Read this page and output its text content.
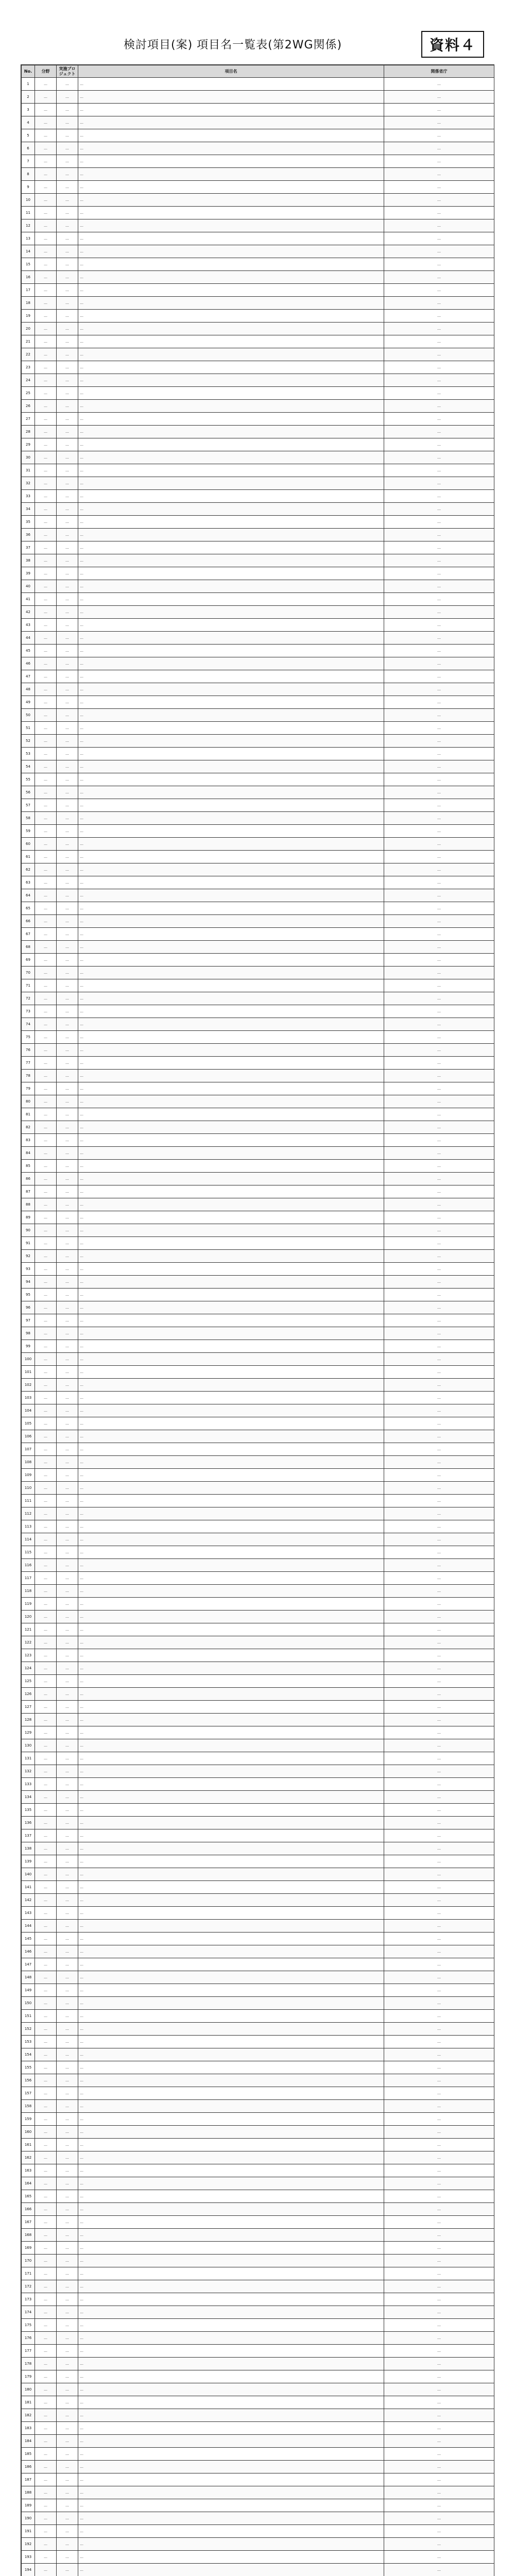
検討項目(案) 項目名一覧表(第2WG関係)	資料４
No.	分野	実施プロジェクト	項目名	関係省庁
1	…	…	…	…
2	…	…	…	…
3	…	…	…	…
4	…	…	…	…
5	…	…	…	…
6	…	…	…	…
7	…	…	…	…
8	…	…	…	…
9	…	…	…	…
10	…	…	…	…
11	…	…	…	…
12	…	…	…	…
13	…	…	…	…
14	…	…	…	…
15	…	…	…	…
16	…	…	…	…
17	…	…	…	…
18	…	…	…	…
19	…	…	…	…
20	…	…	…	…
21	…	…	…	…
22	…	…	…	…
23	…	…	…	…
24	…	…	…	…
25	…	…	…	…
26	…	…	…	…
27	…	…	…	…
28	…	…	…	…
29	…	…	…	…
30	…	…	…	…
31	…	…	…	…
32	…	…	…	…
33	…	…	…	…
34	…	…	…	…
35	…	…	…	…
36	…	…	…	…
37	…	…	…	…
38	…	…	…	…
39	…	…	…	…
40	…	…	…	…
41	…	…	…	…
42	…	…	…	…
43	…	…	…	…
44	…	…	…	…
45	…	…	…	…
46	…	…	…	…
47	…	…	…	…
48	…	…	…	…
49	…	…	…	…
50	…	…	…	…
51	…	…	…	…
52	…	…	…	…
53	…	…	…	…
54	…	…	…	…
55	…	…	…	…
56	…	…	…	…
57	…	…	…	…
58	…	…	…	…
59	…	…	…	…
60	…	…	…	…
61	…	…	…	…
62	…	…	…	…
63	…	…	…	…
64	…	…	…	…
65	…	…	…	…
66	…	…	…	…
67	…	…	…	…
68	…	…	…	…
69	…	…	…	…
70	…	…	…	…
71	…	…	…	…
72	…	…	…	…
73	…	…	…	…
74	…	…	…	…
75	…	…	…	…
76	…	…	…	…
77	…	…	…	…
78	…	…	…	…
79	…	…	…	…
80	…	…	…	…
81	…	…	…	…
82	…	…	…	…
83	…	…	…	…
84	…	…	…	…
85	…	…	…	…
86	…	…	…	…
87	…	…	…	…
88	…	…	…	…
89	…	…	…	…
90	…	…	…	…
91	…	…	…	…
92	…	…	…	…
93	…	…	…	…
94	…	…	…	…
95	…	…	…	…
96	…	…	…	…
97	…	…	…	…
98	…	…	…	…
99	…	…	…	…
100	…	…	…	…
101	…	…	…	…
102	…	…	…	…
103	…	…	…	…
104	…	…	…	…
105	…	…	…	…
106	…	…	…	…
107	…	…	…	…
108	…	…	…	…
109	…	…	…	…
110	…	…	…	…
111	…	…	…	…
112	…	…	…	…
113	…	…	…	…
114	…	…	…	…
115	…	…	…	…
116	…	…	…	…
117	…	…	…	…
118	…	…	…	…
119	…	…	…	…
120	…	…	…	…
121	…	…	…	…
122	…	…	…	…
123	…	…	…	…
124	…	…	…	…
125	…	…	…	…
126	…	…	…	…
127	…	…	…	…
128	…	…	…	…
129	…	…	…	…
130	…	…	…	…
131	…	…	…	…
132	…	…	…	…
133	…	…	…	…
134	…	…	…	…
135	…	…	…	…
136	…	…	…	…
137	…	…	…	…
138	…	…	…	…
139	…	…	…	…
140	…	…	…	…
141	…	…	…	…
142	…	…	…	…
143	…	…	…	…
144	…	…	…	…
145	…	…	…	…
146	…	…	…	…
147	…	…	…	…
148	…	…	…	…
149	…	…	…	…
150	…	…	…	…
151	…	…	…	…
152	…	…	…	…
153	…	…	…	…
154	…	…	…	…
155	…	…	…	…
156	…	…	…	…
157	…	…	…	…
158	…	…	…	…
159	…	…	…	…
160	…	…	…	…
161	…	…	…	…
162	…	…	…	…
163	…	…	…	…
164	…	…	…	…
165	…	…	…	…
166	…	…	…	…
167	…	…	…	…
168	…	…	…	…
169	…	…	…	…
170	…	…	…	…
171	…	…	…	…
172	…	…	…	…
173	…	…	…	…
174	…	…	…	…
175	…	…	…	…
176	…	…	…	…
177	…	…	…	…
178	…	…	…	…
179	…	…	…	…
180	…	…	…	…
181	…	…	…	…
182	…	…	…	…
183	…	…	…	…
184	…	…	…	…
185	…	…	…	…
186	…	…	…	…
187	…	…	…	…
188	…	…	…	…
189	…	…	…	…
190	…	…	…	…
191	…	…	…	…
192	…	…	…	…
193	…	…	…	…
194	…	…	…	…
